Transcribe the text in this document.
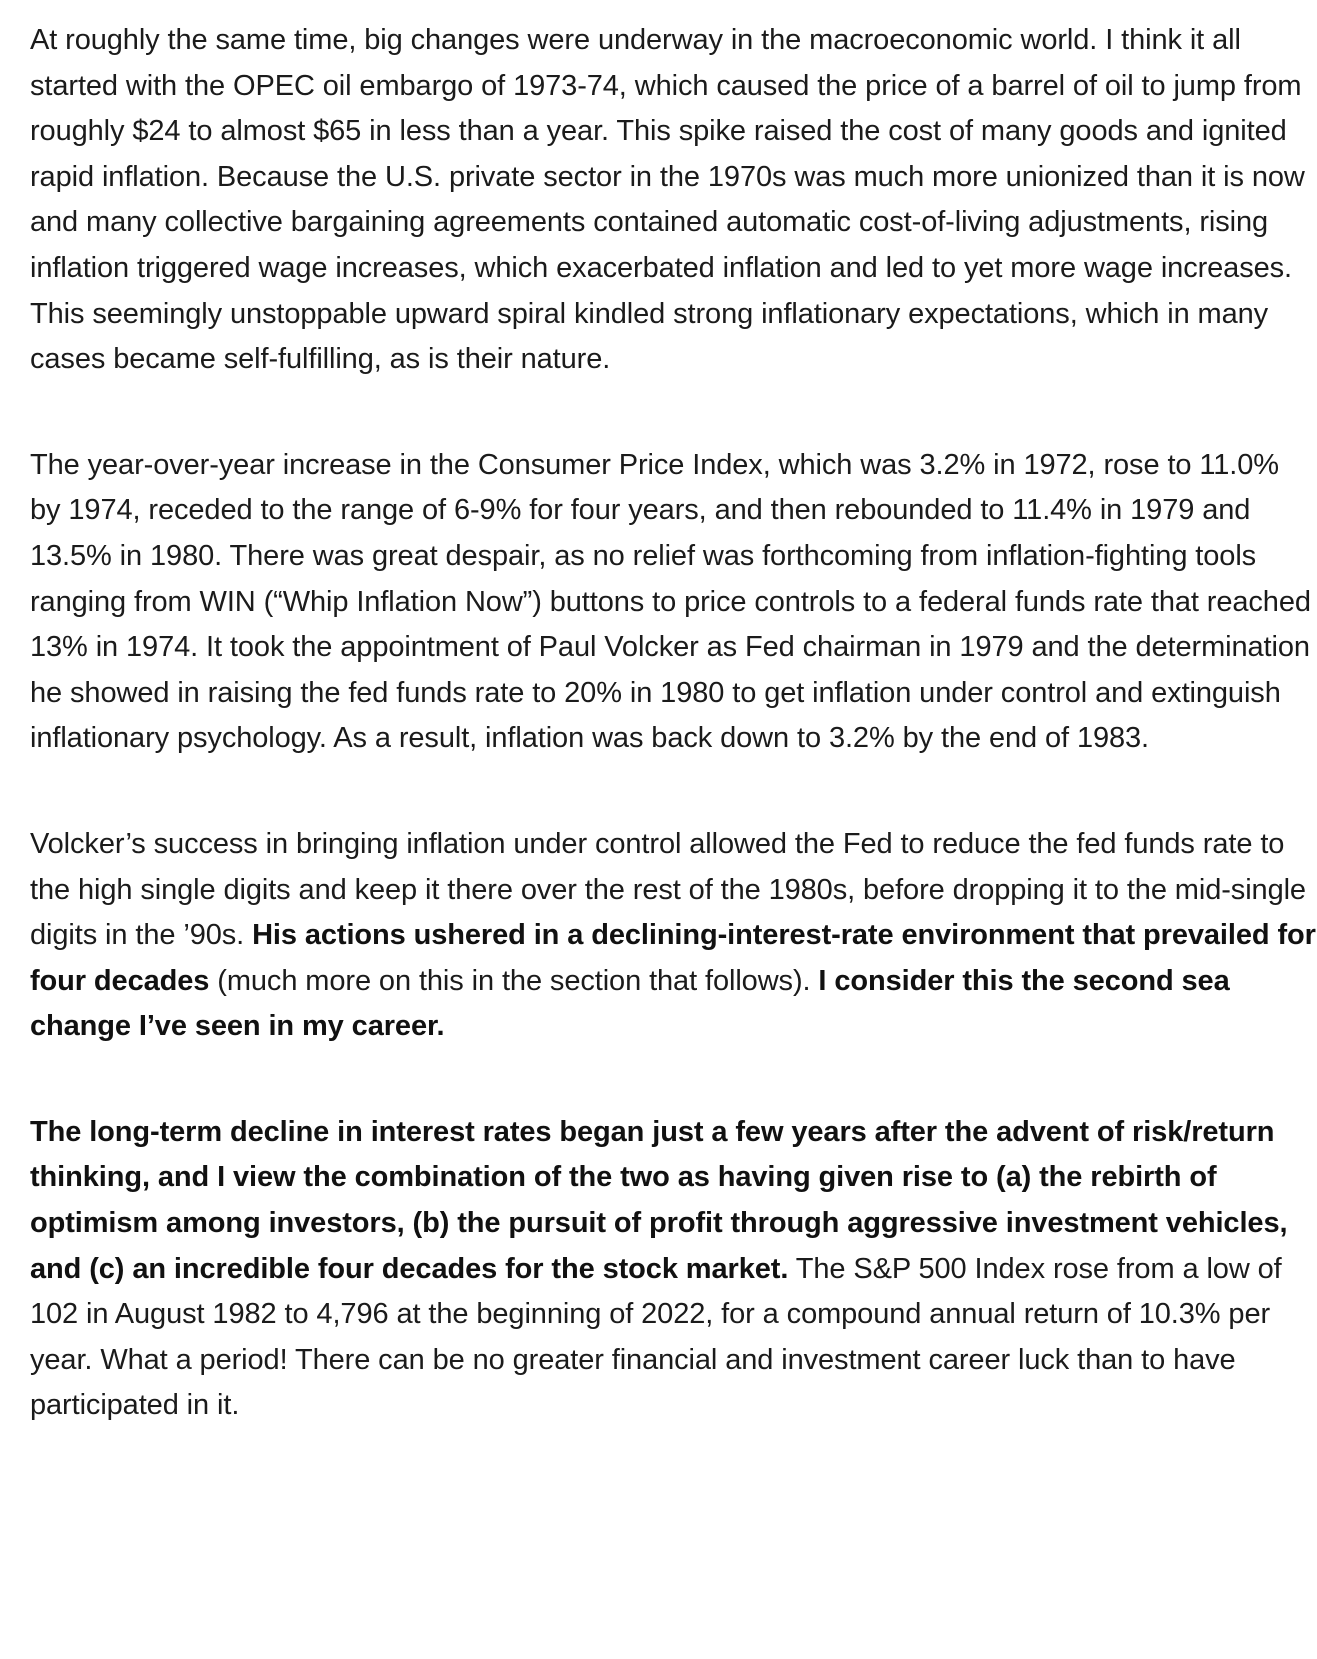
At roughly the same time, big changes were underway in the macroeconomic world. I think it all started with the OPEC oil embargo of 1973-74, which caused the price of a barrel of oil to jump from roughly $24 to almost $65 in less than a year. This spike raised the cost of many goods and ignited rapid inflation. Because the U.S. private sector in the 1970s was much more unionized than it is now and many collective bargaining agreements contained automatic cost-of-living adjustments, rising inflation triggered wage increases, which exacerbated inflation and led to yet more wage increases. This seemingly unstoppable upward spiral kindled strong inflationary expectations, which in many cases became self-fulfilling, as is their nature.

The year-over-year increase in the Consumer Price Index, which was 3.2% in 1972, rose to 11.0% by 1974, receded to the range of 6-9% for four years, and then rebounded to 11.4% in 1979 and 13.5% in 1980. There was great despair, as no relief was forthcoming from inflation-fighting tools ranging from WIN (“Whip Inflation Now”) buttons to price controls to a federal funds rate that reached 13% in 1974. It took the appointment of Paul Volcker as Fed chairman in 1979 and the determination he showed in raising the fed funds rate to 20% in 1980 to get inflation under control and extinguish inflationary psychology. As a result, inflation was back down to 3.2% by the end of 1983.

Volcker’s success in bringing inflation under control allowed the Fed to reduce the fed funds rate to the high single digits and keep it there over the rest of the 1980s, before dropping it to the mid-single digits in the ’90s. His actions ushered in a declining-interest-rate environment that prevailed for four decades (much more on this in the section that follows). I consider this the second sea change I’ve seen in my career.

The long-term decline in interest rates began just a few years after the advent of risk/return thinking, and I view the combination of the two as having given rise to (a) the rebirth of optimism among investors, (b) the pursuit of profit through aggressive investment vehicles, and (c) an incredible four decades for the stock market. The S&P 500 Index rose from a low of 102 in August 1982 to 4,796 at the beginning of 2022, for a compound annual return of 10.3% per year. What a period! There can be no greater financial and investment career luck than to have participated in it.
